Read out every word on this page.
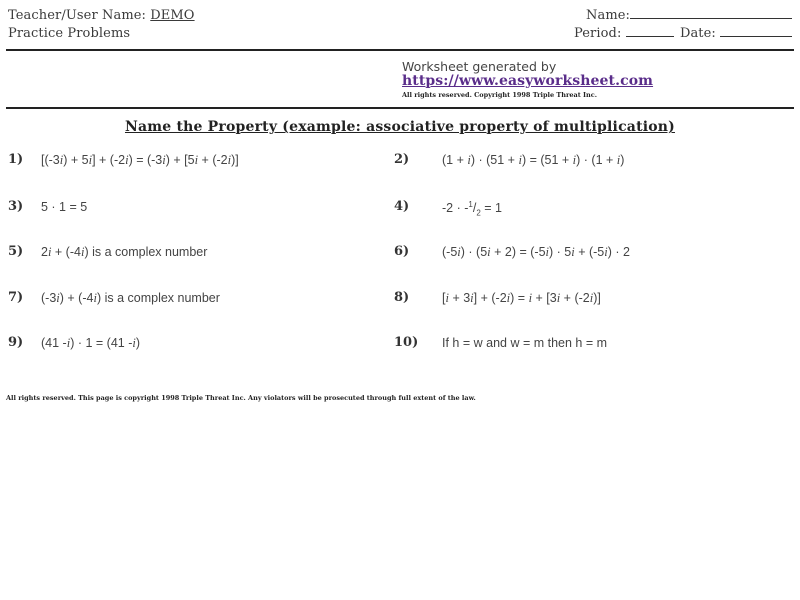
Teacher/User Name: DEMO
Practice Problems
Name:
Period:	Date:
Worksheet generated by
https://www.easyworksheet.com
All rights reserved. Copyright 1998 Triple Threat Inc.
Name the Property (example: associative property of multiplication)
1) [(-3i) + 5i] + (-2i) = (-3i) + [5i + (-2i)]	2)	(1 + i) · (51 + i) = (51 + i) · (1 + i)
3) 5 · 1 = 5	4)	$-2 \cdot -^1/_2 = 1$
5) 2i + (-4i) is a complex number	6)	(-5i) · (5i + 2) = (-5i) · 5i + (-5i) · 2
7) (-3i) + (-4i) is a complex number	8)	[i + 3i] + (-2i) = i + [3i + (-2i)]
9) (41 -i) · 1 = (41 -i)	10) If h = w and w = m then h = m
All rights reserved. This page is copyright 1998 Triple Threat Inc. Any violators will be prosecuted through full extent of the law.
